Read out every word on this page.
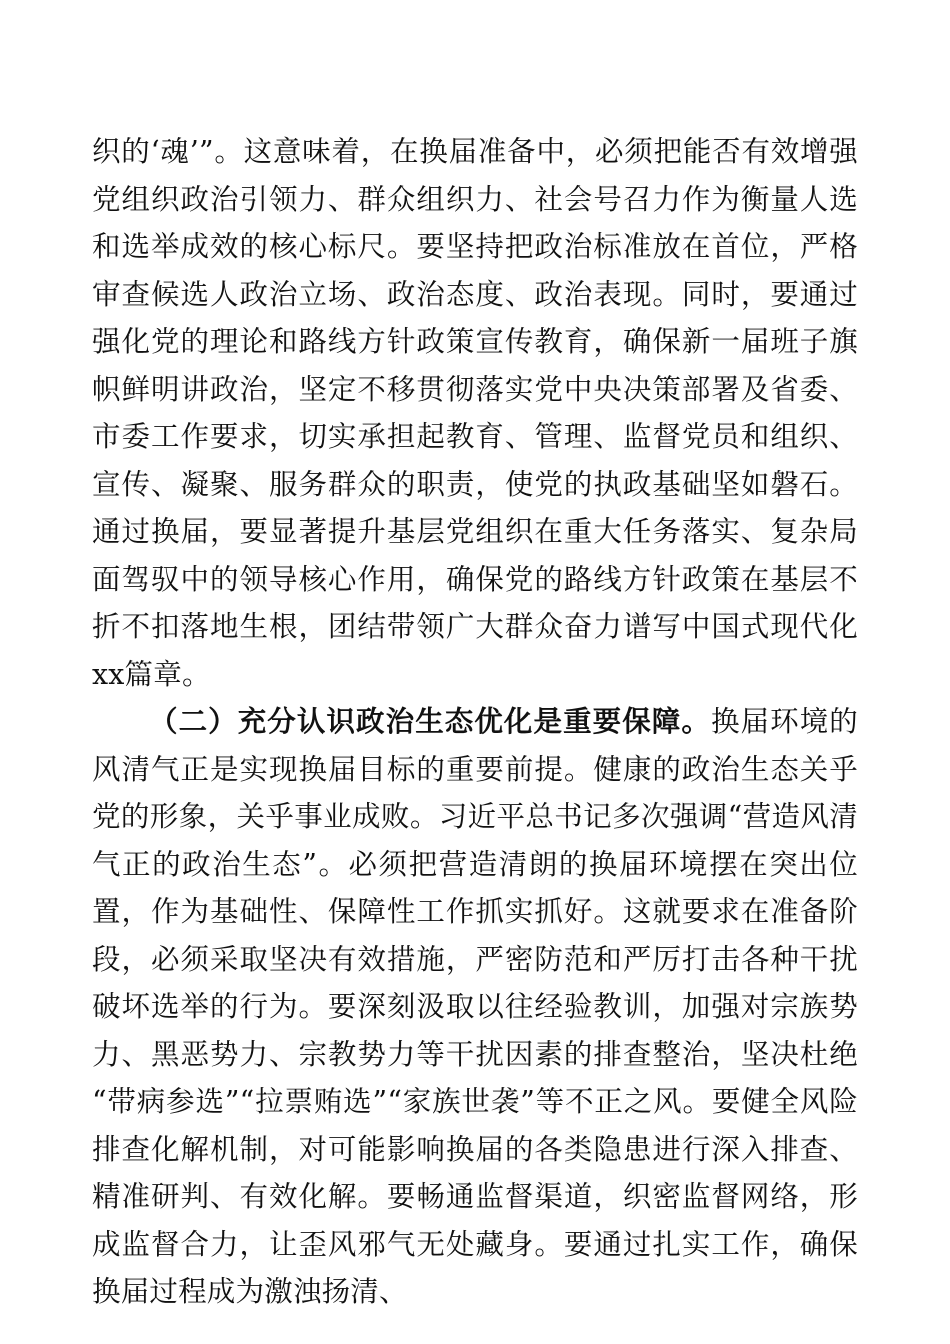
织的‘魂’”。这意味着，在换届准备中，必须把能否有效增强党组织政治引领力、群众组织力、社会号召力作为衡量人选和选举成效的核心标尺。要坚持把政治标准放在首位，严格审查候选人政治立场、政治态度、政治表现。同时，要通过强化党的理论和路线方针政策宣传教育，确保新一届班子旗帜鲜明讲政治，坚定不移贯彻落实党中央决策部署及省委、市委工作要求，切实承担起教育、管理、监督党员和组织、宣传、凝聚、服务群众的职责，使党的执政基础坚如磐石。通过换届，要显著提升基层党组织在重大任务落实、复杂局面驾驭中的领导核心作用，确保党的路线方针政策在基层不折不扣落地生根，团结带领广大群众奋力谱写中国式现代化xx篇章。

（二）充分认识政治生态优化是重要保障。换届环境的风清气正是实现换届目标的重要前提。健康的政治生态关乎党的形象，关乎事业成败。习近平总书记多次强调“营造风清气正的政治生态”。必须把营造清朗的换届环境摆在突出位置，作为基础性、保障性工作抓实抓好。这就要求在准备阶段，必须采取坚决有效措施，严密防范和严厉打击各种干扰破坏选举的行为。要深刻汲取以往经验教训，加强对宗族势力、黑恶势力、宗教势力等干扰因素的排查整治，坚决杜绝“带病参选”“拉票贿选”“家族世袭”等不正之风。要健全风险排查化解机制，对可能影响换届的各类隐患进行深入排查、精准研判、有效化解。要畅通监督渠道，织密监督网络，形成监督合力，让歪风邪气无处藏身。要通过扎实工作，确保换届过程成为激浊扬清、
